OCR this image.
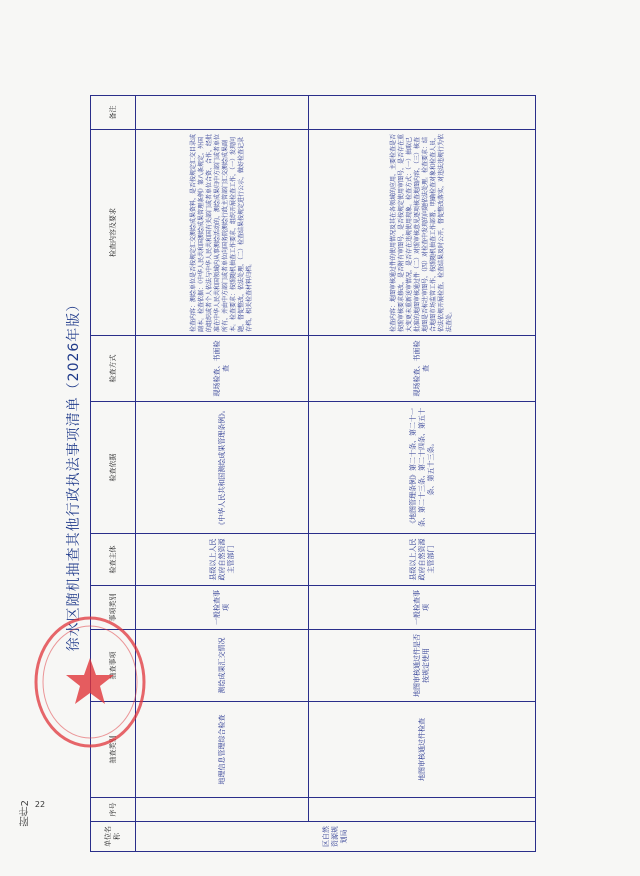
附件2
徐水区随机抽查其他行政执法事项清单（2026年版）
单位名称	序号	抽查类别	抽查事项	事项类别	检查主体	检查依据	检查方式	检查内容及要求	备注
区自然资源规划局		地理信息管理综合检查	测绘成果汇交情况	一般检查事项	县级以上人民政府自然资源主管部门	《中华人民共和国测绘成果管理条例》。	现场检查、书面检查	检查内容：测绘单位是否按规定汇交测绘成果资料，是否按规定汇交目录或副本。检查依据：《中华人民共和国测绘成果管理条例》第八条规定，外国的组织或者个人依法与中华人民共和国有关部门或者单位合资、合作，经批准在中华人民共和国领域内从事测绘活动的，测绘成果归中方部门或者单位所有，并由中方部门或者单位向国务院测绘行政主管部门汇交测绘成果副本。检查要求：按照随机抽查工作要求，组织开展检查工作，（一）发现问题，督促整改，依法处理，（二）检查结果按规定进行公示，做好检查记录存档，相关检查材料归档。	
		地图审核通过件检查	地图审核通过件是否按规定使用	一般检查事项	县级以上人民政府自然资源主管部门	《地图管理条例》第二十条、第二十一条、第二十三条、第二十四条、第五十条、第五十三条。	现场检查、书面检查	检查内容：地图审核通过件的使用情况及其在各领域的应用，主要检查是否按照审核要求修改，是否附有审图号，是否按规定使用审图号，是否存在重大变更未重新送审情况，是否存在违规使用现象。检查方式：（一）抽取已批准的地图审核通过件（二）对照审核意见逐项核查地图内容，（三）核查地图是否标注审图号，（四）对检查中发现的问题依法处理。检查要求：结合地图市场监管工作，按照随机抽查工作部署，明确检查对象和检查人员，依法依规开展检查，检查结果及时公开，督促整改落实，对违法违规行为依法查处。	
22
